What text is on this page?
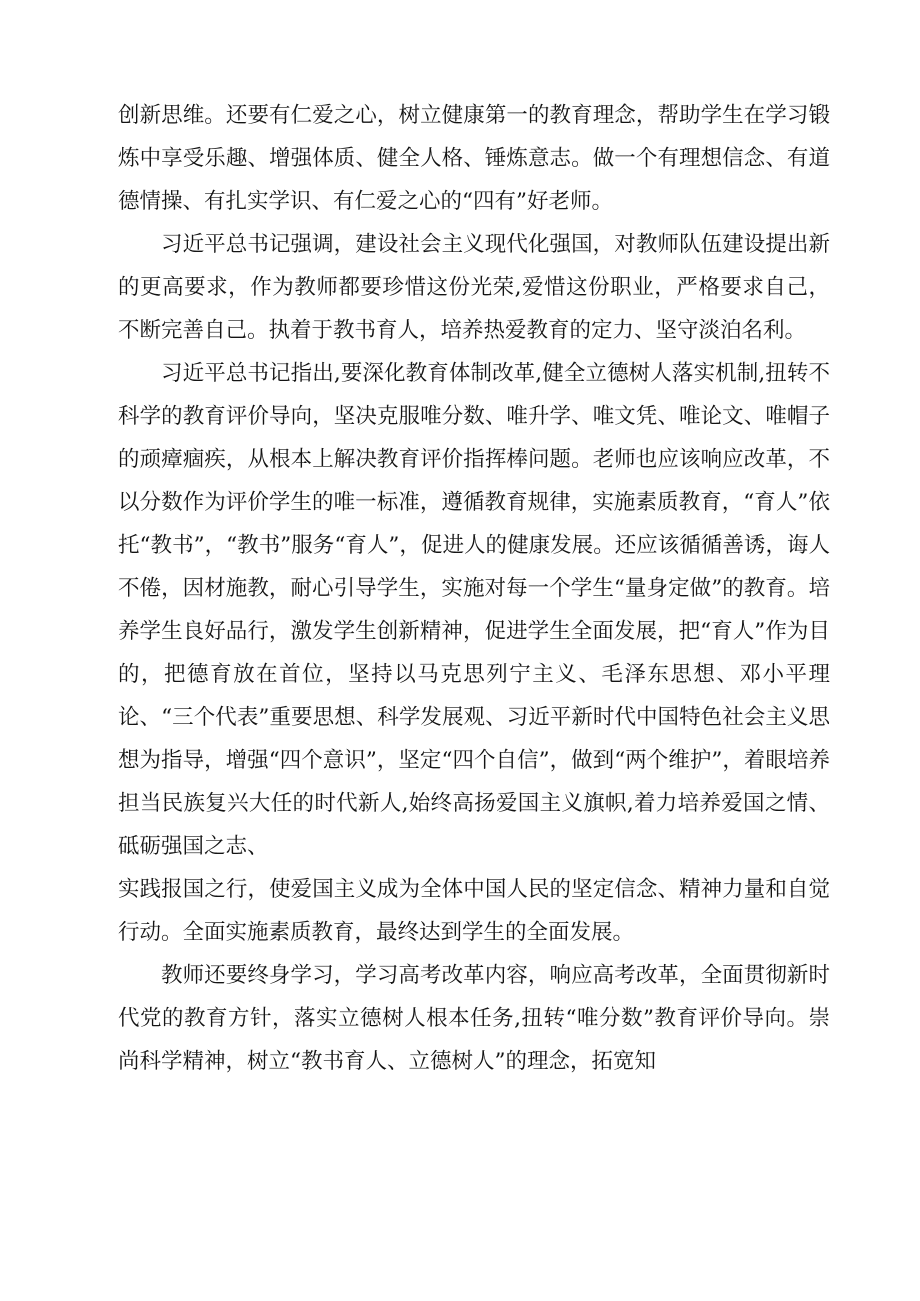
创新思维。还要有仁爱之心，树立健康第一的教育理念，帮助学生在学习锻炼中享受乐趣、增强体质、健全人格、锤炼意志。做一个有理想信念、有道德情操、有扎实学识、有仁爱之心的“四有”好老师。

习近平总书记强调，建设社会主义现代化强国，对教师队伍建设提出新的更高要求，作为教师都要珍惜这份光荣,爱惜这份职业，严格要求自己，不断完善自己。执着于教书育人，培养热爱教育的定力、坚守淡泊名利。

习近平总书记指出,要深化教育体制改革,健全立德树人落实机制,扭转不科学的教育评价导向，坚决克服唯分数、唯升学、唯文凭、唯论文、唯帽子的顽瘴痼疾，从根本上解决教育评价指挥棒问题。老师也应该响应改革，不以分数作为评价学生的唯一标准，遵循教育规律，实施素质教育，“育人”依托“教书”，“教书”服务“育人”，促进人的健康发展。还应该循循善诱，诲人不倦，因材施教，耐心引导学生，实施对每一个学生“量身定做”的教育。培养学生良好品行，激发学生创新精神，促进学生全面发展，把“育人”作为目的，把德育放在首位，坚持以马克思列宁主义、毛泽东思想、邓小平理论、“三个代表”重要思想、科学发展观、习近平新时代中国特色社会主义思想为指导，增强“四个意识”，坚定“四个自信”，做到“两个维护”，着眼培养担当民族复兴大任的时代新人,始终高扬爱国主义旗帜,着力培养爱国之情、砥砺强国之志、

实践报国之行，使爱国主义成为全体中国人民的坚定信念、精神力量和自觉行动。全面实施素质教育，最终达到学生的全面发展。

教师还要终身学习，学习高考改革内容，响应高考改革，全面贯彻新时代党的教育方针，落实立德树人根本任务,扭转“唯分数”教育评价导向。崇尚科学精神，树立“教书育人、立德树人”的理念，拓宽知
